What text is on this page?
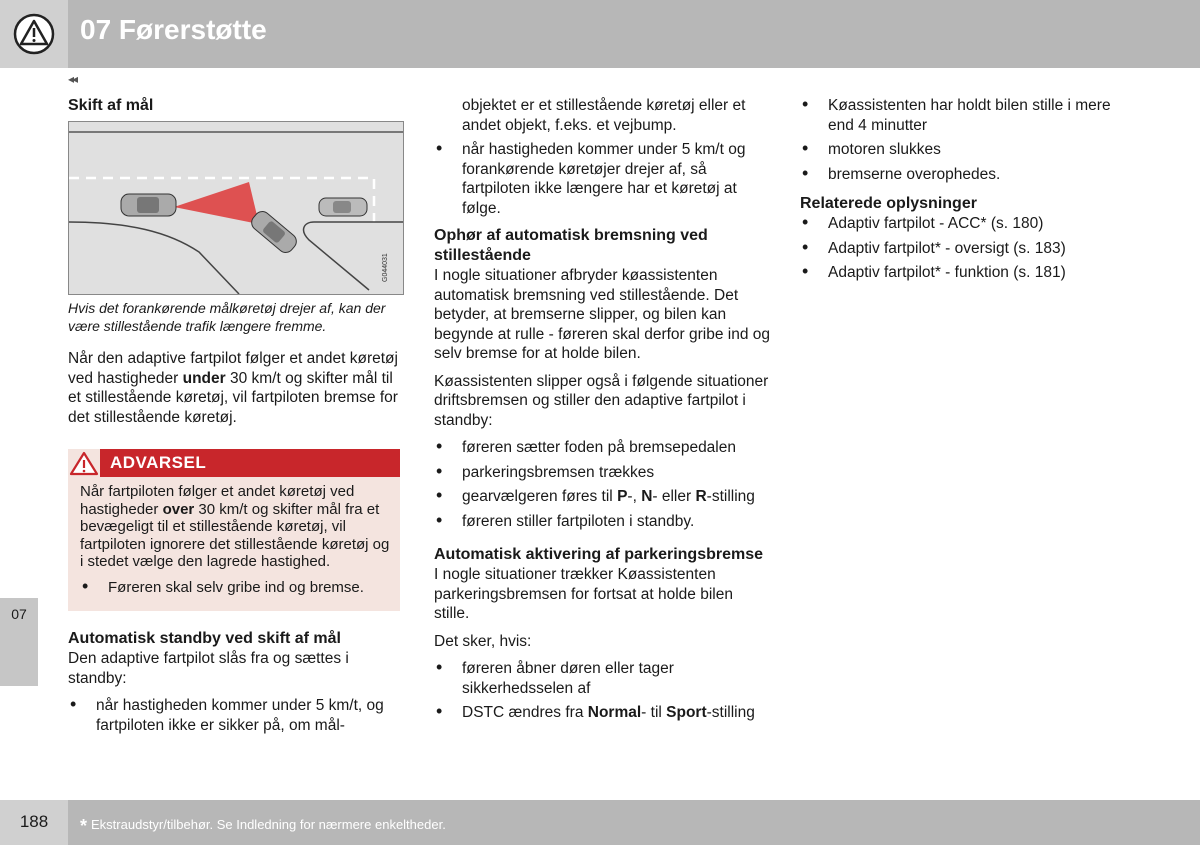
07 Førerstøtte
◂◂
07
Skift af mål
G044031
Hvis det forankørende målkøretøj drejer af, kan der være stillestående trafik længere fremme.

Når den adaptive fartpilot følger et andet køretøj ved hastigheder under 30 km/t og skifter mål til et stillestående køretøj, vil fartpiloten bremse for det stillestående køretøj.

ADVARSEL
Når fartpiloten følger et andet køretøj ved hastigheder over 30 km/t og skifter mål fra et bevægeligt til et stillestående køretøj, vil fartpiloten ignorere det stillestående køretøj og i stedet vælge den lagrede hastighed.
• Føreren skal selv gribe ind og bremse.
Automatisk standby ved skift af mål

Den adaptive fartpilot slås fra og sættes i standby:

• når hastigheden kommer under 5 km/t, og fartpiloten ikke er sikker på, om mål-

objektet er et stillestående køretøj eller et andet objekt, f.eks. et vejbump.

• når hastigheden kommer under 5 km/t og forankørende køretøjer drejer af, så fartpiloten ikke længere har et køretøj at følge.
Ophør af automatisk bremsning ved stillestående

I nogle situationer afbryder køassistenten automatisk bremsning ved stillestående. Det betyder, at bremserne slipper, og bilen kan begynde at rulle - føreren skal derfor gribe ind og selv bremse for at holde bilen.

Køassistenten slipper også i følgende situationer driftsbremsen og stiller den adaptive fartpilot i standby:

• føreren sætter foden på bremsepedalen
• parkeringsbremsen trækkes
• gearvælgeren føres til P-, N- eller R-stilling
• føreren stiller fartpiloten i standby.
Automatisk aktivering af parkeringsbremse

I nogle situationer trækker Køassistenten parkeringsbremsen for fortsat at holde bilen stille.

Det sker, hvis:

• føreren åbner døren eller tager sikkerhedsselen af
• DSTC ændres fra Normal- til Sport-stilling
• Køassistenten har holdt bilen stille i mere end 4 minutter
• motoren slukkes
• bremserne overophedes.
Relaterede oplysninger
• Adaptiv fartpilot - ACC* (s. 180)
• Adaptiv fartpilot* - oversigt (s. 183)
• Adaptiv fartpilot* - funktion (s. 181)
188	* Ekstraudstyr/tilbehør. Se Indledning for nærmere enkeltheder.
